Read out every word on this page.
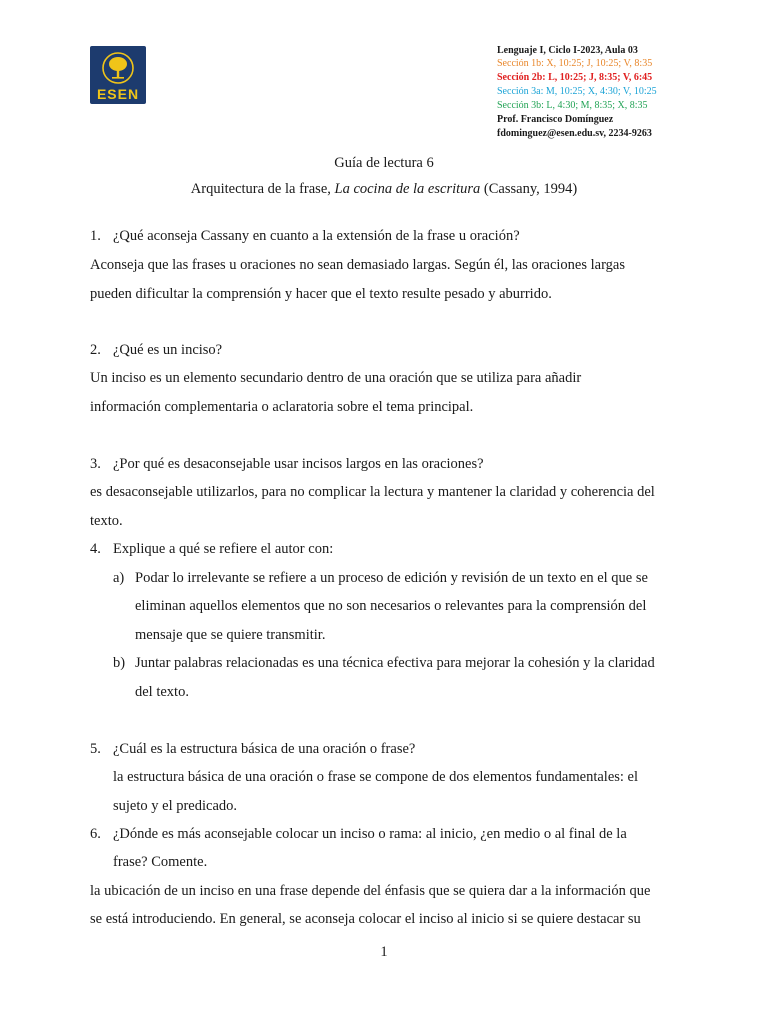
ESEN
Lenguaje I, Ciclo I-2023, Aula 03
Sección 1b: X, 10:25; J, 10:25; V, 8:35
Sección 2b: L, 10:25; J, 8:35; V, 6:45
Sección 3a: M, 10:25; X, 4:30; V, 10:25
Sección 3b: L, 4:30; M, 8:35; X, 8:35
Prof. Francisco Domínguez
fdominguez@esen.edu.sv, 2234-9263
Guía de lectura 6
Arquitectura de la frase, La cocina de la escritura (Cassany, 1994)
1. ¿Qué aconseja Cassany en cuanto a la extensión de la frase u oración?
Aconseja que las frases u oraciones no sean demasiado largas. Según él, las oraciones largas
pueden dificultar la comprensión y hacer que el texto resulte pesado y aburrido.
2. ¿Qué es un inciso?
Un inciso es un elemento secundario dentro de una oración que se utiliza para añadir
información complementaria o aclaratoria sobre el tema principal.
3. ¿Por qué es desaconsejable usar incisos largos en las oraciones?
es desaconsejable utilizarlos, para no complicar la lectura y mantener la claridad y coherencia del
texto.
4. Explique a qué se refiere el autor con:
a) Podar lo irrelevante se refiere a un proceso de edición y revisión de un texto en el que se
eliminan aquellos elementos que no son necesarios o relevantes para la comprensión del
mensaje que se quiere transmitir.
b) Juntar palabras relacionadas es una técnica efectiva para mejorar la cohesión y la claridad
del texto.
5. ¿Cuál es la estructura básica de una oración o frase?
la estructura básica de una oración o frase se compone de dos elementos fundamentales: el
sujeto y el predicado.
6. ¿Dónde es más aconsejable colocar un inciso o rama: al inicio, ¿en medio o al final de la
frase? Comente.
la ubicación de un inciso en una frase depende del énfasis que se quiera dar a la información que
se está introduciendo. En general, se aconseja colocar el inciso al inicio si se quiere destacar su
1
